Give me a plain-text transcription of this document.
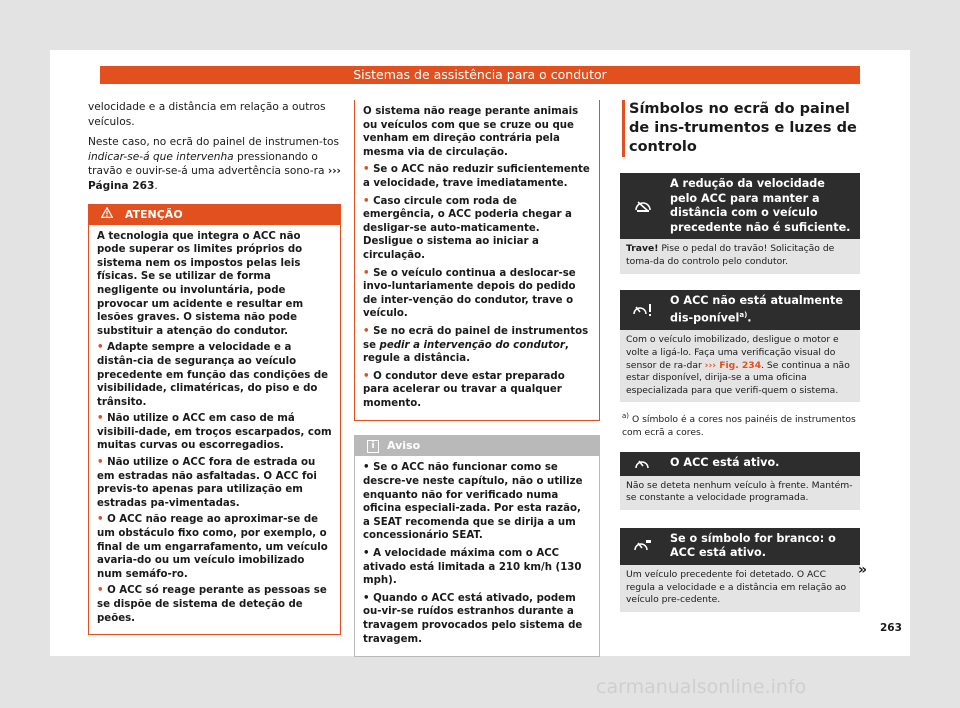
Sistemas de assistência para o condutor

velocidade e a distância em relação a outros veículos.

Neste caso, no ecrã do painel de instrumen-tos indicar-se-á que intervenha pressionando o travão e ouvir-se-á uma advertência sono-ra ››› Página 263.

ATENÇÃO

A tecnologia que integra o ACC não pode superar os limites próprios do sistema nem os impostos pelas leis físicas. Se se utilizar de forma negligente ou involuntária, pode provocar um acidente e resultar em lesões graves. O sistema não pode substituir a atenção do condutor.

• Adapte sempre a velocidade e a distân-cia de segurança ao veículo precedente em função das condições de visibilidade, climatéricas, do piso e do trânsito.

• Não utilize o ACC em caso de má visibili-dade, em troços escarpados, com muitas curvas ou escorregadios.

• Não utilize o ACC fora de estrada ou em estradas não asfaltadas. O ACC foi previs-to apenas para utilização em estradas pa-vimentadas.

• O ACC não reage ao aproximar-se de um obstáculo fixo como, por exemplo, o final de um engarrafamento, um veículo avaria-do ou um veículo imobilizado num semáfo-ro.

• O ACC só reage perante as pessoas se se dispõe de sistema de deteção de peões.

O sistema não reage perante animais ou veículos com que se cruze ou que venham em direção contrária pela mesma via de circulação.

• Se o ACC não reduzir suficientemente a velocidade, trave imediatamente.

• Caso circule com roda de emergência, o ACC poderia chegar a desligar-se auto-maticamente. Desligue o sistema ao iniciar a circulação.

• Se o veículo continua a deslocar-se invo-luntariamente depois do pedido de inter-venção do condutor, trave o veículo.

• Se no ecrã do painel de instrumentos se pedir a intervenção do condutor, regule a distância.

• O condutor deve estar preparado para acelerar ou travar a qualquer momento.

i Aviso

• Se o ACC não funcionar como se descre-ve neste capítulo, não o utilize enquanto não for verificado numa oficina especiali-zada. Por esta razão, a SEAT recomenda que se dirija a um concessionário SEAT.

• A velocidade máxima com o ACC ativado está limitada a 210 km/h (130 mph).

• Quando o ACC está ativado, podem ou-vir-se ruídos estranhos durante a travagem provocados pelo sistema de travagem.

Símbolos no ecrã do painel de ins-trumentos e luzes de controlo
A redução da velocidade pelo ACC para manter a distância com o veículo precedente não é suficiente.
Trave! Pise o pedal do travão! Solicitação de toma-da do controlo pelo condutor.
O ACC não está atualmente dis-ponível$^{a)}$.
Com o veículo imobilizado, desligue o motor e volte a ligá-lo. Faça uma verificação visual do sensor de ra-dar ››› Fig. 234. Se continua a não estar disponível, dirija-se a uma oficina especializada para que verifi-quem o sistema.
$^{a)}$ O símbolo é a cores nos painéis de instrumentos com ecrã a cores.
O ACC está ativo.
Não se deteta nenhum veículo à frente. Mantém-se constante a velocidade programada.
Se o símbolo for branco: o ACC está ativo.
Um veículo precedente foi detetado. O ACC regula a velocidade e a distância em relação ao veículo pre-cedente.
»
263
carmanualsonline.info
